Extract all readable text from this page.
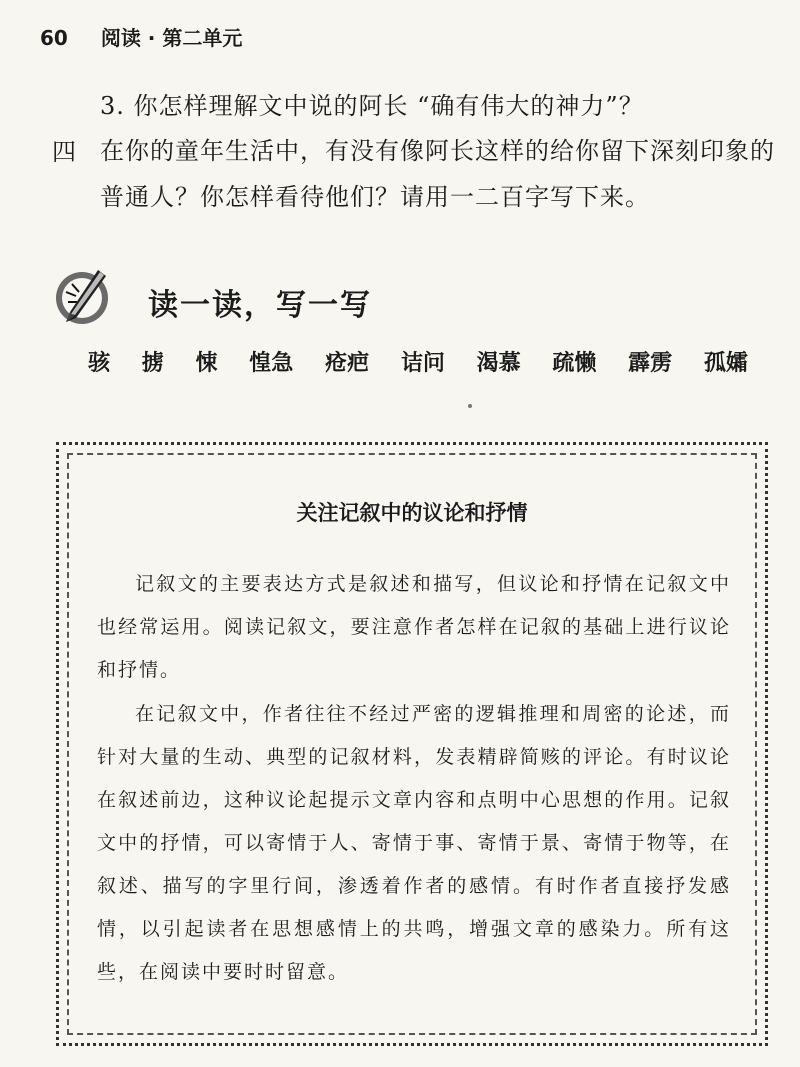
60 阅读 · 第二单元
3. 你怎样理解文中说的阿长 “确有伟大的神力”？
四 在你的童年生活中，有没有像阿长这样的给你留下深刻印象的普通人？你怎样看待他们？请用一二百字写下来。
读一读，写一写
骇 掳 悚 惶急 疮疤 诘问 渴慕 疏懒 霹雳 孤孀
关注记叙中的议论和抒情
记叙文的主要表达方式是叙述和描写，但议论和抒情在记叙文中也经常运用。阅读记叙文，要注意作者怎样在记叙的基础上进行议论和抒情。
在记叙文中，作者往往不经过严密的逻辑推理和周密的论述，而针对大量的生动、典型的记叙材料，发表精辟简赅的评论。有时议论在叙述前边，这种议论起提示文章内容和点明中心思想的作用。记叙文中的抒情，可以寄情于人、寄情于事、寄情于景、寄情于物等，在叙述、描写的字里行间，渗透着作者的感情。有时作者直接抒发感情，以引起读者在思想感情上的共鸣，增强文章的感染力。所有这些，在阅读中要时时留意。
